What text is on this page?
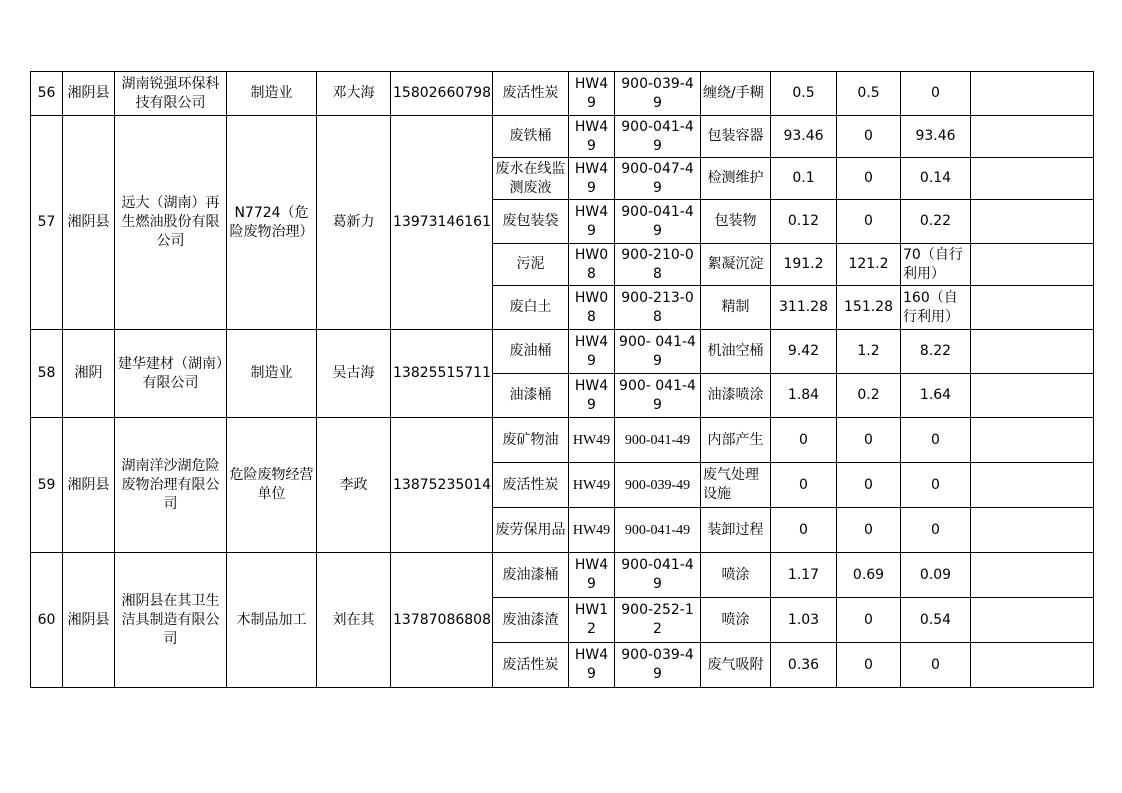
56	湘阴县	湖南锐强环保科技有限公司	制造业	邓大海	15802660798	废活性炭	HW49	900-039-49	缠绕/手糊	0.5	0.5	0	
57	湘阴县	远大（湖南）再生燃油股份有限公司	N7724（危险废物治理）	葛新力	13973146161	废铁桶	HW49	900-041-49	包装容器	93.46	0	93.46	
						废水在线监测废液	HW49	900-047-49	检测维护	0.1	0	0.14	
						废包装袋	HW49	900-041-49	包装物	0.12	0	0.22	
						污泥	HW08	900-210-08	絮凝沉淀	191.2	121.2	70（自行利用）	
						废白土	HW08	900-213-08	精制	311.28	151.28	160（自行利用）	
58	湘阴	建华建材（湖南）有限公司	制造业	吴古海	13825515711	废油桶	HW49	900- 041-49	机油空桶	9.42	1.2	8.22	
						油漆桶	HW49	900- 041-49	油漆喷涂	1.84	0.2	1.64	
59	湘阴县	湖南洋沙湖危险废物治理有限公司	危险废物经营单位	李政	13875235014	废矿物油	HW49	900-041-49	内部产生	0	0	0	
						废活性炭	HW49	900-039-49	废气处理设施	0	0	0	
						废劳保用品	HW49	900-041-49	装卸过程	0	0	0	
60	湘阴县	湘阴县在其卫生洁具制造有限公司	木制品加工	刘在其	13787086808	废油漆桶	HW49	900-041-49	喷涂	1.17	0.69	0.09	
						废油漆渣	HW12	900-252-12	喷涂	1.03	0	0.54	
						废活性炭	HW49	900-039-49	废气吸附	0.36	0	0	
